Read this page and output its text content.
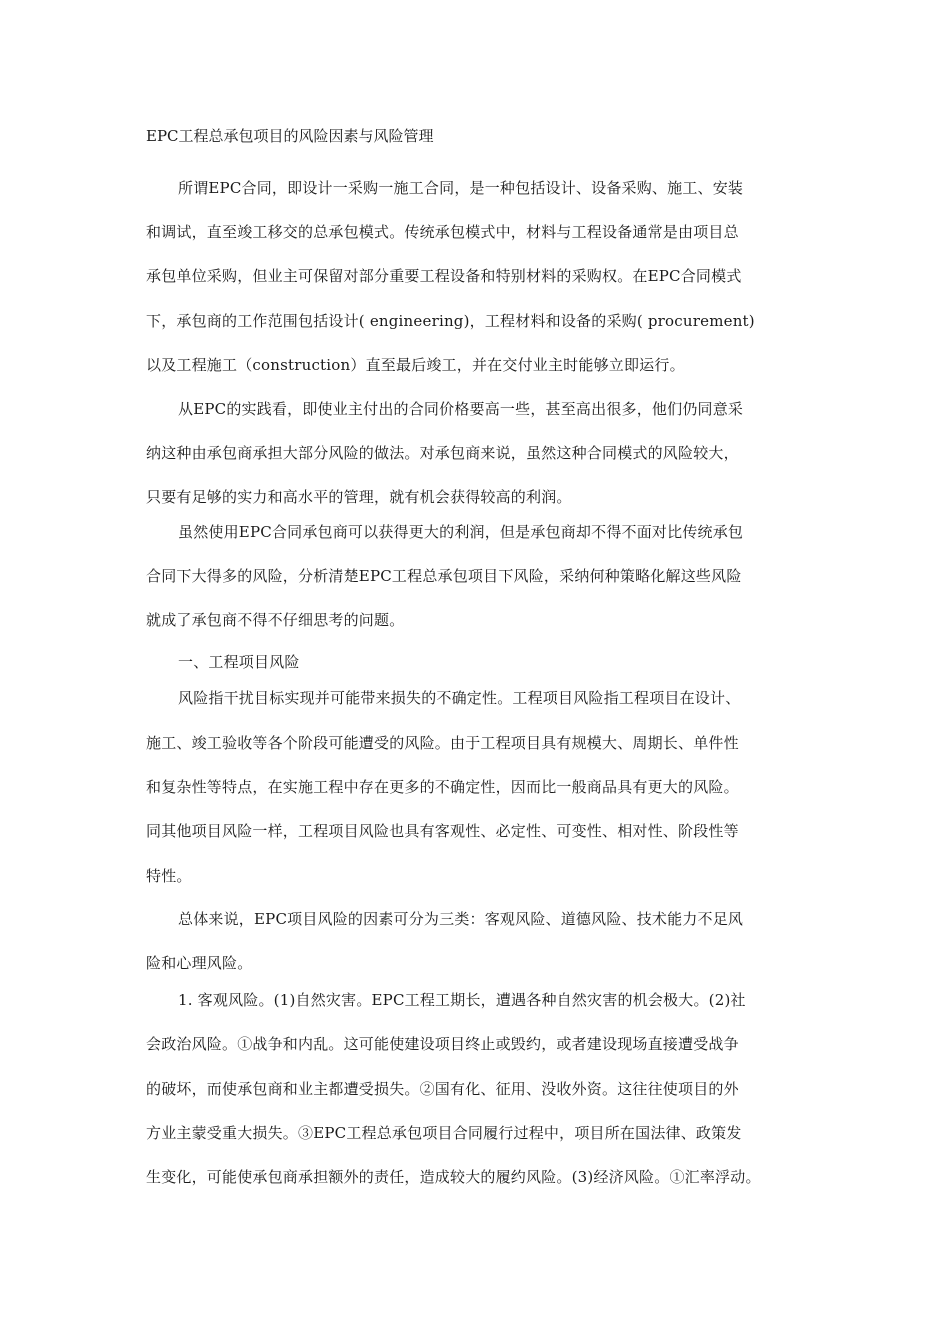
EPC工程总承包项目的风险因素与风险管理
所谓EPC合同，即设计一采购一施工合同，是一种包括设计、设备采购、施工、安装
和调试，直至竣工移交的总承包模式。传统承包模式中，材料与工程设备通常是由项目总
承包单位采购，但业主可保留对部分重要工程设备和特别材料的采购权。在EPC合同模式
下，承包商的工作范围包括设计( engineering)，工程材料和设备的采购( procurement)
以及工程施工（construction）直至最后竣工，并在交付业主时能够立即运行。
从EPC的实践看，即使业主付出的合同价格要高一些，甚至高出很多，他们仍同意采
纳这种由承包商承担大部分风险的做法。对承包商来说，虽然这种合同模式的风险较大，
只要有足够的实力和高水平的管理，就有机会获得较高的利润。
虽然使用EPC合同承包商可以获得更大的利润，但是承包商却不得不面对比传统承包
合同下大得多的风险，分析清楚EPC工程总承包项目下风险，采纳何种策略化解这些风险
就成了承包商不得不仔细思考的问题。
一、工程项目风险
风险指干扰目标实现并可能带来损失的不确定性。工程项目风险指工程项目在设计、
施工、竣工验收等各个阶段可能遭受的风险。由于工程项目具有规模大、周期长、单件性
和复杂性等特点，在实施工程中存在更多的不确定性，因而比一般商品具有更大的风险。
同其他项目风险一样，工程项目风险也具有客观性、必定性、可变性、相对性、阶段性等
特性。
总体来说，EPC项目风险的因素可分为三类：客观风险、道德风险、技术能力不足风
险和心理风险。
1. 客观风险。(1)自然灾害。EPC工程工期长，遭遇各种自然灾害的机会极大。(2)社
会政治风险。①战争和内乱。这可能使建设项目终止或毁约，或者建设现场直接遭受战争
的破坏，而使承包商和业主都遭受损失。②国有化、征用、没收外资。这往往使项目的外
方业主蒙受重大损失。③EPC工程总承包项目合同履行过程中，项目所在国法律、政策发
生变化，可能使承包商承担额外的责任，造成较大的履约风险。(3)经济风险。①汇率浮动。
